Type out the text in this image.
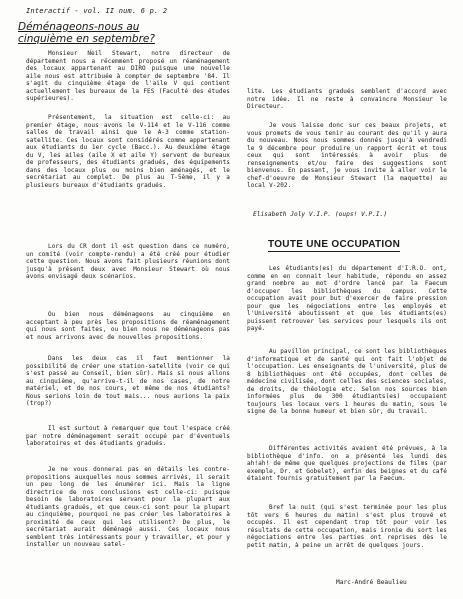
Interactif - vol. II num. 6 p. 2
Déménageons-nous au cinquième en septembre?
Monsieur Neil Stewart, notre directeur de département nous a récemment proposé un réaménagement des locaux appartenant au DIRO puisque une nouvelle aile nous est attribuée à compter de septembre '84. Il s'agit du cinquième étage de l'aile V qui contient actuellement les bureaux de la FES (Faculté des études supérieures).
Présentement, la situation est celle-ci: au premier étage, nous avons le V-114 et le V-116 comme salles de travail ainsi que le A-3 comme station-satellite. Ces locaux sont considérés comme appartenant aux étudiants du 1er cycle (Bacc.). Au deuxième étage du V, les ailes (aile X et aile Y) servent de bureaux de professeurs, des étudiants gradués, des équipements dans des locaux plus ou moins bien aménagés, et le secrétariat au complet. De plus au T-5ème, il y a plusieurs bureaux d'étudiants gradués.
Lors du CR dont il est question dans ce numéro, un comité (voir compte-rendu) a été créé pour étudier cette question. Nous avons fait plusieurs réunions dont jusqu'à présent deux avec Monsieur Stewart où nous avons envisagé deux scénarios.
Ou bien nous déménageons au cinquième en acceptant à peu près les propositions de réaménagement qui nous sont faites, ou bien nous ne déménageons pas et nous arrivons avec de nouvelles propositions.
Dans les deux cas il faut mentionner la possibilité de créer une station-satellite (voir ce qui s'est passé au Conseil, bien sûr). Mais si nous allons au cinquième, qu'arrive-t-il de nos cases, de notre matériel, et de nos cours, et même de nos étudiants? Nous serions loin de tout mais... nous aurions la paix (trop?)
Il est surtout à remarquer que tout l'espace créé par notre déménagement serait occupé par d'éventuels laboratoires et des étudiants gradués.
Je ne vous donnerai pas en détails les contre-propositions auxquelles nous sommes arrivés, il serait un peu long de les énumérer ici. Mais la ligne directrice de nos conclusions est celle-ci: puisque besoin de laboratoires servant pour la plupart aux étudiants gradués, et que ceux-ci sont pour la plupart au cinquième, pourquoi ne pas créer les laboratoires à proximité de ceux qui les utilisent? De plus, le secrétariat aurait déménagé aussi. Ces locaux nous semblent très intéressants pour y travailler, et pour y installer un nouveau satel-
lite. Les étudiants gradués semblent d'accord avec notre idée. Il ne reste à convaincre Monsieur le Directeur.
Je vous laisse donc sur ces beaux projets, et vous promets de vous tenir au courant des qu'il y aura du nouveau. Nous nous sommes donnés jusqu'à vendredi le 9 décembre pour produire un rapport écrit et tous ceux qui sont intéressés à avoir plus de renseignements et/ou faire des suggestions sont bienvenus. En passant, je vous invite à aller voir le chef-d'oeuvre de Monsieur Stewart (la maquette) au local V-202.
Elisabeth Joly V.I.P. (oups! V.P.I.)
TOUTE UNE OCCUPATION
Les étudiants(es) du département d'I.R.O. ont, comme en en connait leur habitude, répondu en assez grand nombre au mot d'ordre lancé par la Faecum d'occuper les bibliothèques du campus. Cette occupation avait pour but d'exercer de faire pression pour que les négociations entre les employés et l'Université aboutissent et que les étudiants(es) puissent retrouver les services pour lesquels ils ont payé.
Au pavillon principal, ce sont les bibliothèques d'informatique et de santé qui ont fait l'objet de l'occupation. Les enseignants de l'université, plus de 8 bibliothèques ont été occupées, dont celles de médecine civilisée, dont celles des sciences sociales, de droits, de théologie etc. Selon nos sources bien informées plus de 300 étudiants(es) occupaient toujours les locaux vers 1 heures du matin, sous le signe de la bonne humeur et bien sûr, du travail.
Différentes activités avaient été prévues, à la bibliothèque d'info. on a présenté les lundi des ah!ah! de même que quelques projections de films (par exemple, Dr. et Gobelet), enfin des beignes et du café étaient fournis gratuitement par la Faecum.
Bref la nuit (qui s'est terminée pour les plus tôt vers 6 heures du matin) s'est plus trouvé et occupés. Il est cependant trop tôt pour voir les résultats de cette occupation, mais ironie du sort les négociations entre les parties ont reprises dès le petit matin, à peine un arrêt de quelques jours.
Marc-André Beaulieu
